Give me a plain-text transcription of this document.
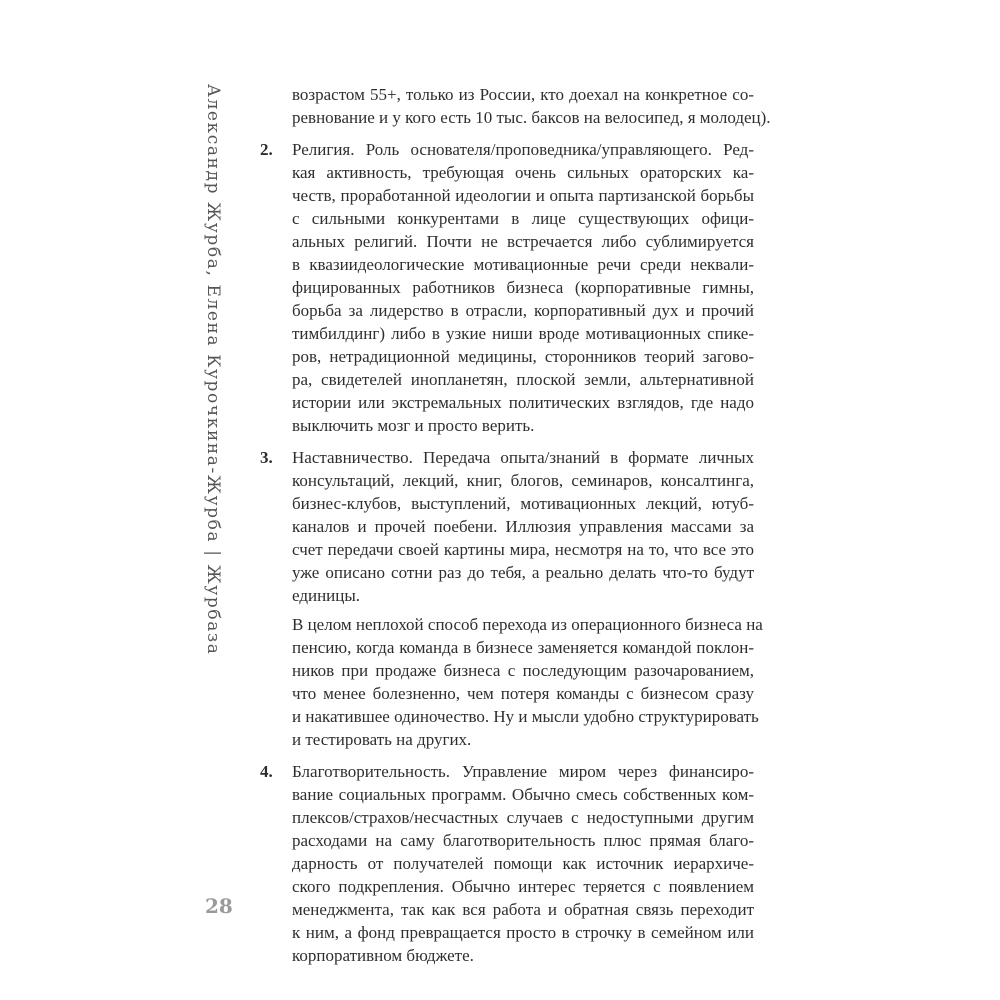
Александр Журба, Елена Курочкина-Журба | Журбаза
28
возрастом 55+, только из России, кто доехал на конкретное со-
ревнование и у кого есть 10 тыс. баксов на велосипед, я молодец).
2. Религия. Роль основателя/проповедника/управляющего. Ред-
кая активность, требующая очень сильных ораторских ка-
честв, проработанной идеологии и опыта партизанской борьбы
с сильными конкурентами в лице существующих офици-
альных религий. Почти не встречается либо сублимируется
в квазиидеологические мотивационные речи среди неквали-
фицированных работников бизнеса (корпоративные гимны,
борьба за лидерство в отрасли, корпоративный дух и прочий
тимбилдинг) либо в узкие ниши вроде мотивационных спике-
ров, нетрадиционной медицины, сторонников теорий загово-
ра, свидетелей инопланетян, плоской земли, альтернативной
истории или экстремальных политических взглядов, где надо
выключить мозг и просто верить.
3. Наставничество. Передача опыта/знаний в формате личных
консультаций, лекций, книг, блогов, семинаров, консалтинга,
бизнес-клубов, выступлений, мотивационных лекций, ютуб-
каналов и прочей поебени. Иллюзия управления массами за
счет передачи своей картины мира, несмотря на то, что все это
уже описано сотни раз до тебя, а реально делать что-то будут
единицы.
В целом неплохой способ перехода из операционного бизнеса на
пенсию, когда команда в бизнесе заменяется командой поклон-
ников при продаже бизнеса с последующим разочарованием,
что менее болезненно, чем потеря команды с бизнесом сразу
и накатившее одиночество. Ну и мысли удобно структурировать
и тестировать на других.
4. Благотворительность. Управление миром через финансиро-
вание социальных программ. Обычно смесь собственных ком-
плексов/страхов/несчастных случаев с недоступными другим
расходами на саму благотворительность плюс прямая благо-
дарность от получателей помощи как источник иерархиче-
ского подкрепления. Обычно интерес теряется с появлением
менеджмента, так как вся работа и обратная связь переходит
к ним, а фонд превращается просто в строчку в семейном или
корпоративном бюджете.
